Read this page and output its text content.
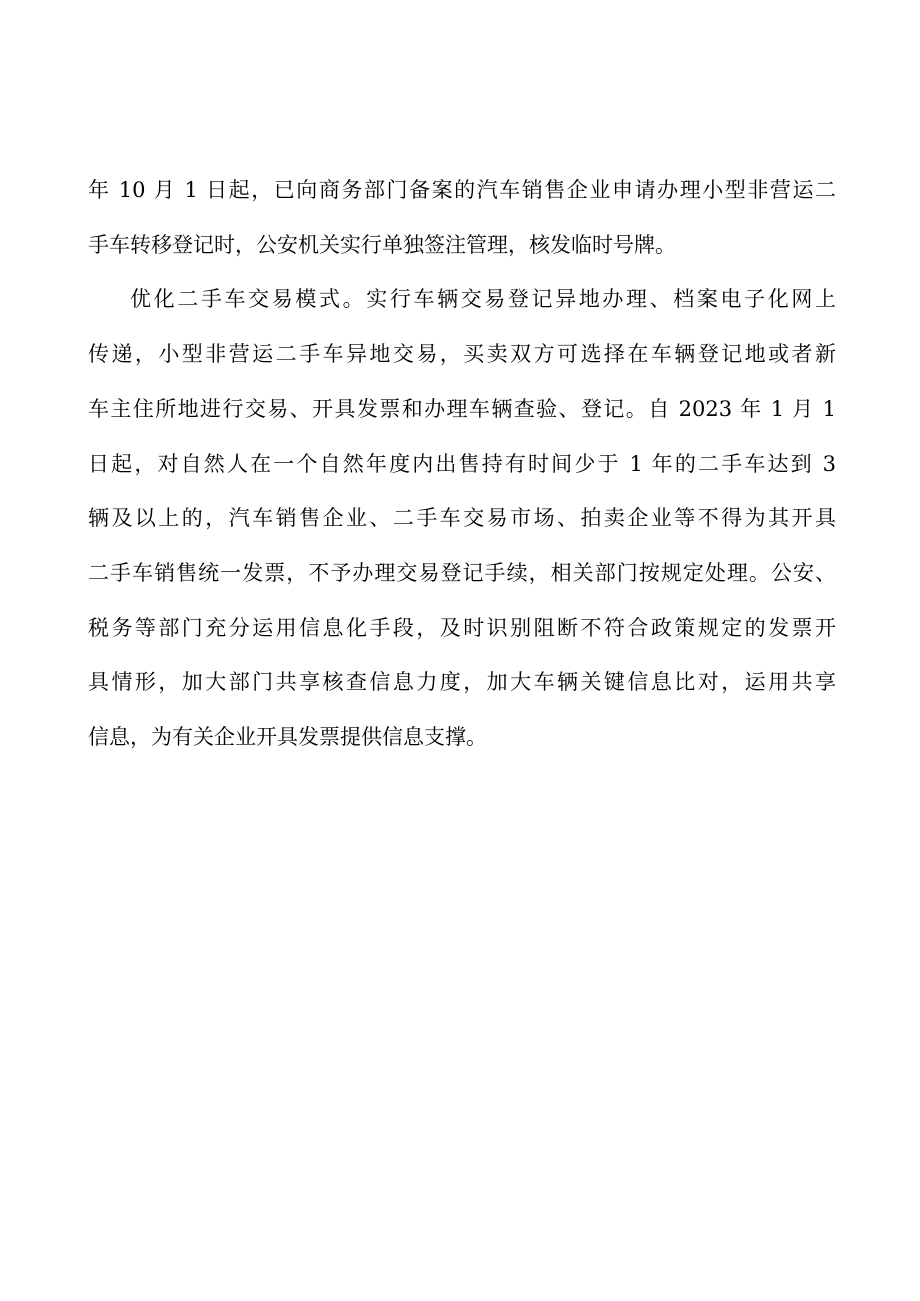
年 10 月 1 日起，已向商务部门备案的汽车销售企业申请办理小型非营运二
手车转移登记时，公安机关实行单独签注管理，核发临时号牌。
优化二手车交易模式。实行车辆交易登记异地办理、档案电子化网上
传递，小型非营运二手车异地交易，买卖双方可选择在车辆登记地或者新
车主住所地进行交易、开具发票和办理车辆查验、登记。自 2023 年 1 月 1
日起，对自然人在一个自然年度内出售持有时间少于 1 年的二手车达到 3
辆及以上的，汽车销售企业、二手车交易市场、拍卖企业等不得为其开具
二手车销售统一发票，不予办理交易登记手续，相关部门按规定处理。公安、
税务等部门充分运用信息化手段，及时识别阻断不符合政策规定的发票开
具情形，加大部门共享核查信息力度，加大车辆关键信息比对，运用共享
信息，为有关企业开具发票提供信息支撑。
